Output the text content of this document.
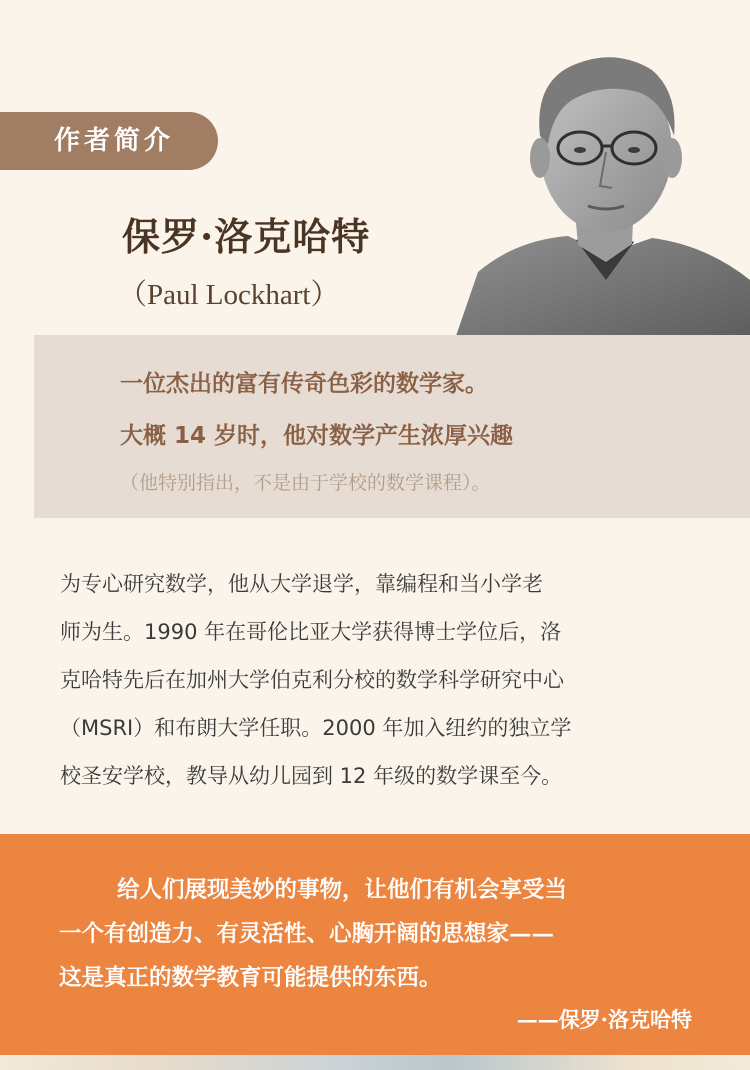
作者简介
保罗·洛克哈特
（Paul Lockhart）
一位杰出的富有传奇色彩的数学家。
大概 14 岁时，他对数学产生浓厚兴趣
（他特别指出，不是由于学校的数学课程）。
为专心研究数学，他从大学退学，靠编程和当小学老
师为生。1990 年在哥伦比亚大学获得博士学位后，洛
克哈特先后在加州大学伯克利分校的数学科学研究中心
（MSRI）和布朗大学任职。2000 年加入纽约的独立学
校圣安学校，教导从幼儿园到 12 年级的数学课至今。
给人们展现美妙的事物，让他们有机会享受当
一个有创造力、有灵活性、心胸开阔的思想家——
这是真正的数学教育可能提供的东西。
——保罗·洛克哈特
